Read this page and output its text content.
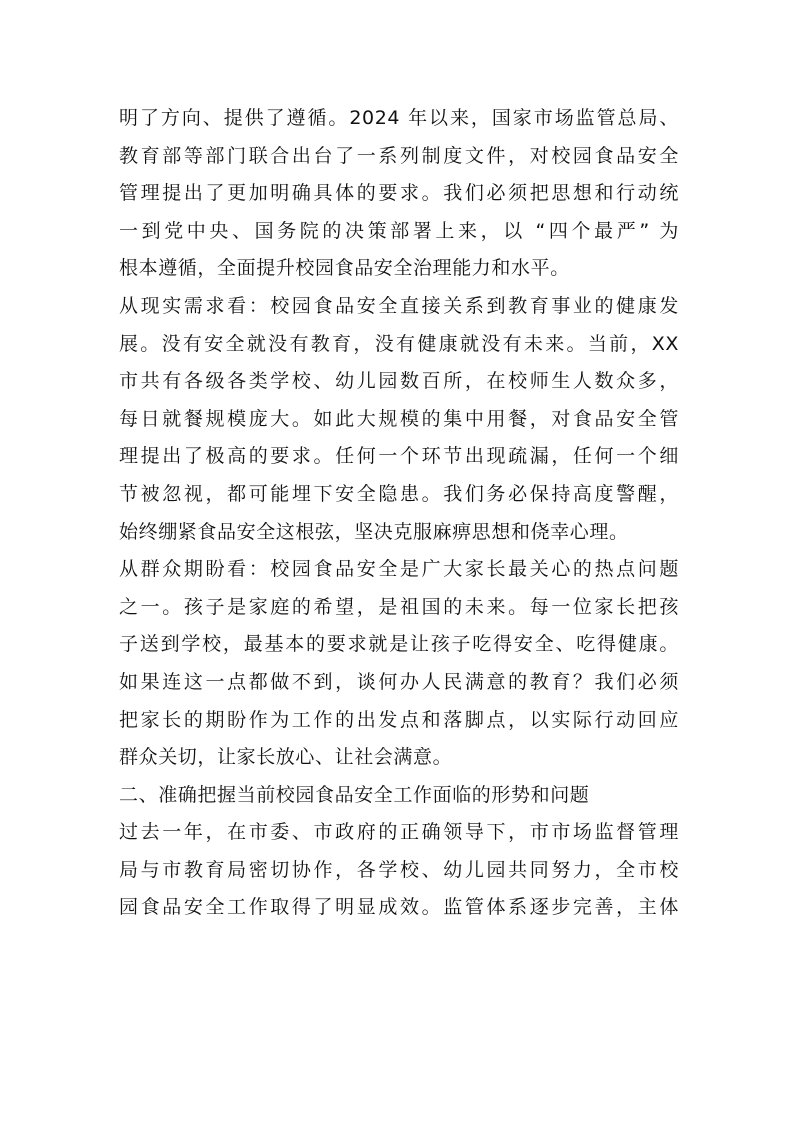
明了方向、提供了遵循。2024 年以来，国家市场监管总局、
教育部等部门联合出台了一系列制度文件，对校园食品安全
管理提出了更加明确具体的要求。我们必须把思想和行动统
一到党中央、国务院的决策部署上来，以 “四个最严” 为
根本遵循，全面提升校园食品安全治理能力和水平。
从现实需求看：校园食品安全直接关系到教育事业的健康发
展。没有安全就没有教育，没有健康就没有未来。当前，XX
市共有各级各类学校、幼儿园数百所，在校师生人数众多，
每日就餐规模庞大。如此大规模的集中用餐，对食品安全管
理提出了极高的要求。任何一个环节出现疏漏，任何一个细
节被忽视，都可能埋下安全隐患。我们务必保持高度警醒，
始终绷紧食品安全这根弦，坚决克服麻痹思想和侥幸心理。
从群众期盼看：校园食品安全是广大家长最关心的热点问题
之一。孩子是家庭的希望，是祖国的未来。每一位家长把孩
子送到学校，最基本的要求就是让孩子吃得安全、吃得健康。
如果连这一点都做不到，谈何办人民满意的教育？我们必须
把家长的期盼作为工作的出发点和落脚点，以实际行动回应
群众关切，让家长放心、让社会满意。
二、准确把握当前校园食品安全工作面临的形势和问题
过去一年，在市委、市政府的正确领导下，市市场监督管理
局与市教育局密切协作，各学校、幼儿园共同努力，全市校
园食品安全工作取得了明显成效。监管体系逐步完善，主体
